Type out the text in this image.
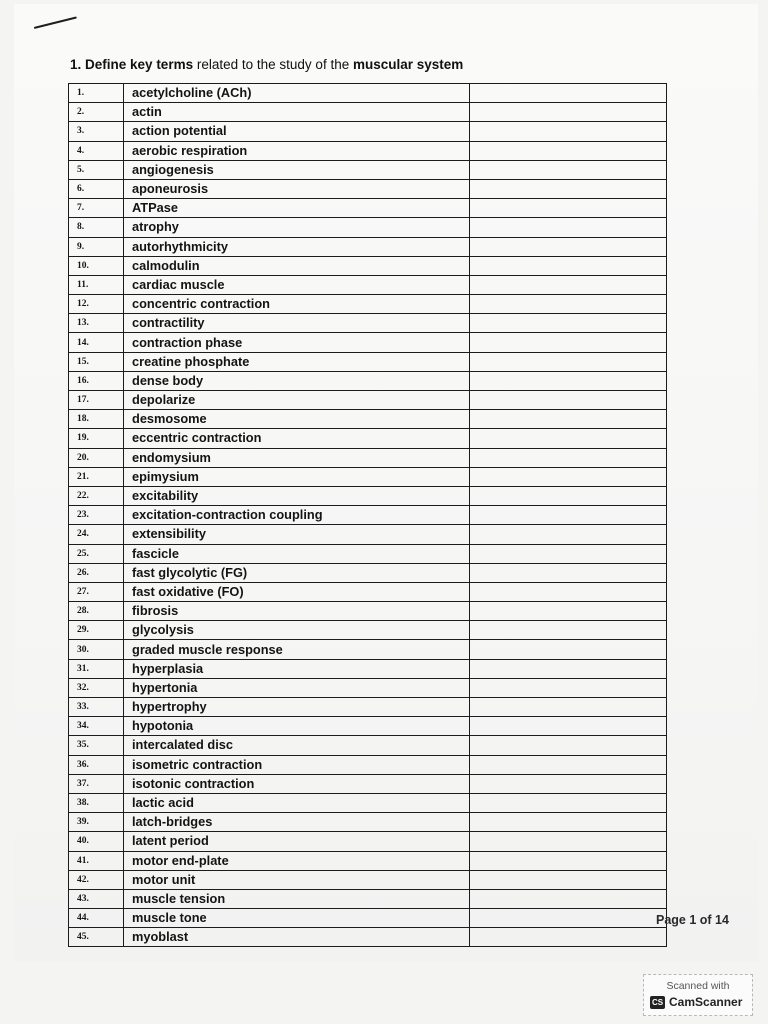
1. Define key terms related to the study of the muscular system
1.	acetylcholine (ACh)	
2.	actin	
3.	action potential	
4.	aerobic respiration	
5.	angiogenesis	
6.	aponeurosis	
7.	ATPase	
8.	atrophy	
9.	autorhythmicity	
10.	calmodulin	
11.	cardiac muscle	
12.	concentric contraction	
13.	contractility	
14.	contraction phase	
15.	creatine phosphate	
16.	dense body	
17.	depolarize	
18.	desmosome	
19.	eccentric contraction	
20.	endomysium	
21.	epimysium	
22.	excitability	
23.	excitation-contraction coupling	
24.	extensibility	
25.	fascicle	
26.	fast glycolytic (FG)	
27.	fast oxidative (FO)	
28.	fibrosis	
29.	glycolysis	
30.	graded muscle response	
31.	hyperplasia	
32.	hypertonia	
33.	hypertrophy	
34.	hypotonia	
35.	intercalated disc	
36.	isometric contraction	
37.	isotonic contraction	
38.	lactic acid	
39.	latch-bridges	
40.	latent period	
41.	motor end-plate	
42.	motor unit	
43.	muscle tension	
44.	muscle tone	
45.	myoblast	
Page 1 of 14
Scanned with
CS CamScanner
